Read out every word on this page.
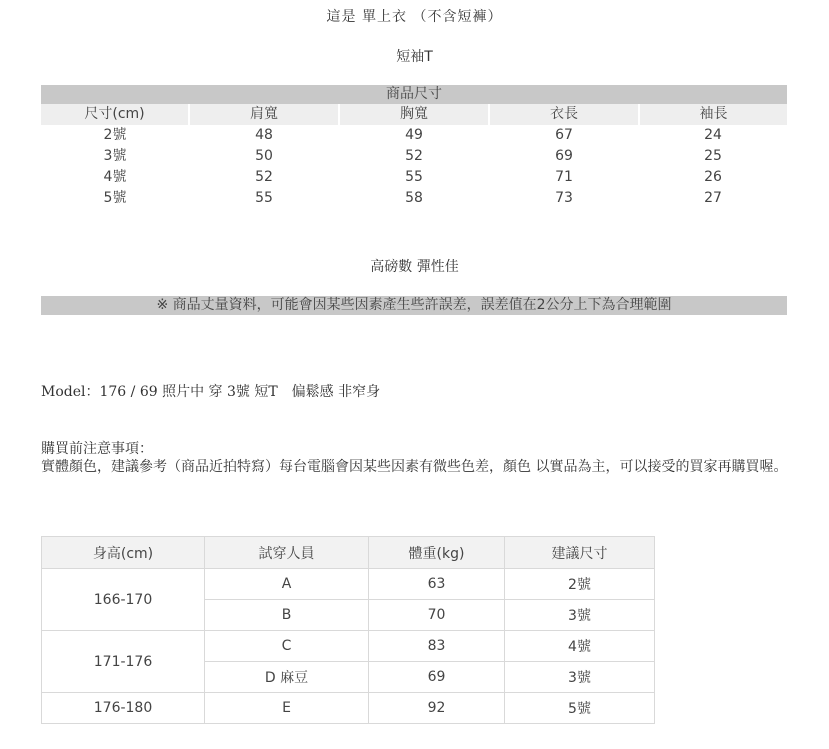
這是 單上衣 （不含短褲）
短袖T
商品尺寸				
尺寸(cm)	肩寬	胸寬	衣長	袖長
2號	48	49	67	24
3號	50	52	69	25
4號	52	55	71	26
5號	55	58	73	27
高磅數 彈性佳
※ 商品丈量資料，可能會因某些因素產生些許誤差，誤差值在2公分上下為合理範圍
Model：176 / 69 照片中 穿 3號 短T　偏鬆感 非窄身
購買前注意事項：
實體顏色，建議參考（商品近拍特寫）每台電腦會因某些因素有微些色差，顏色 以實品為主，可以接受的買家再購買喔。
身高(cm)	試穿人員	體重(kg)	建議尺寸
166-170	A	63	2號
	B	70	3號
171-176	C	83	4號
	D 麻豆	69	3號
176-180	E	92	5號
